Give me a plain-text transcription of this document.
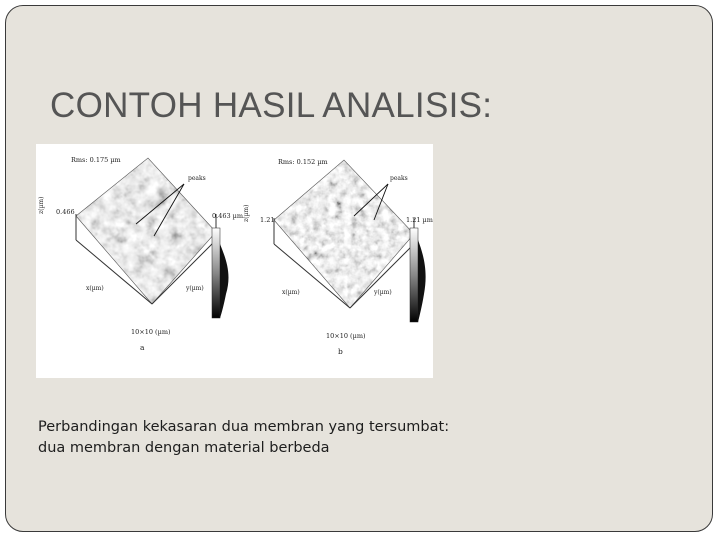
CONTOH HASIL ANALISIS:
Rms: 0.175 µm
peaks
z(µm) 0.466	0.463 µm
x(µm)	y(µm)
10×10 (µm)
a
Rms: 0.152 µm
peaks
z(µm) 1.21	1.21 µm
x(µm)	y(µm)
10×10 (µm)
b
Perbandingan kekasaran dua membran yang tersumbat:
dua membran dengan material berbeda
